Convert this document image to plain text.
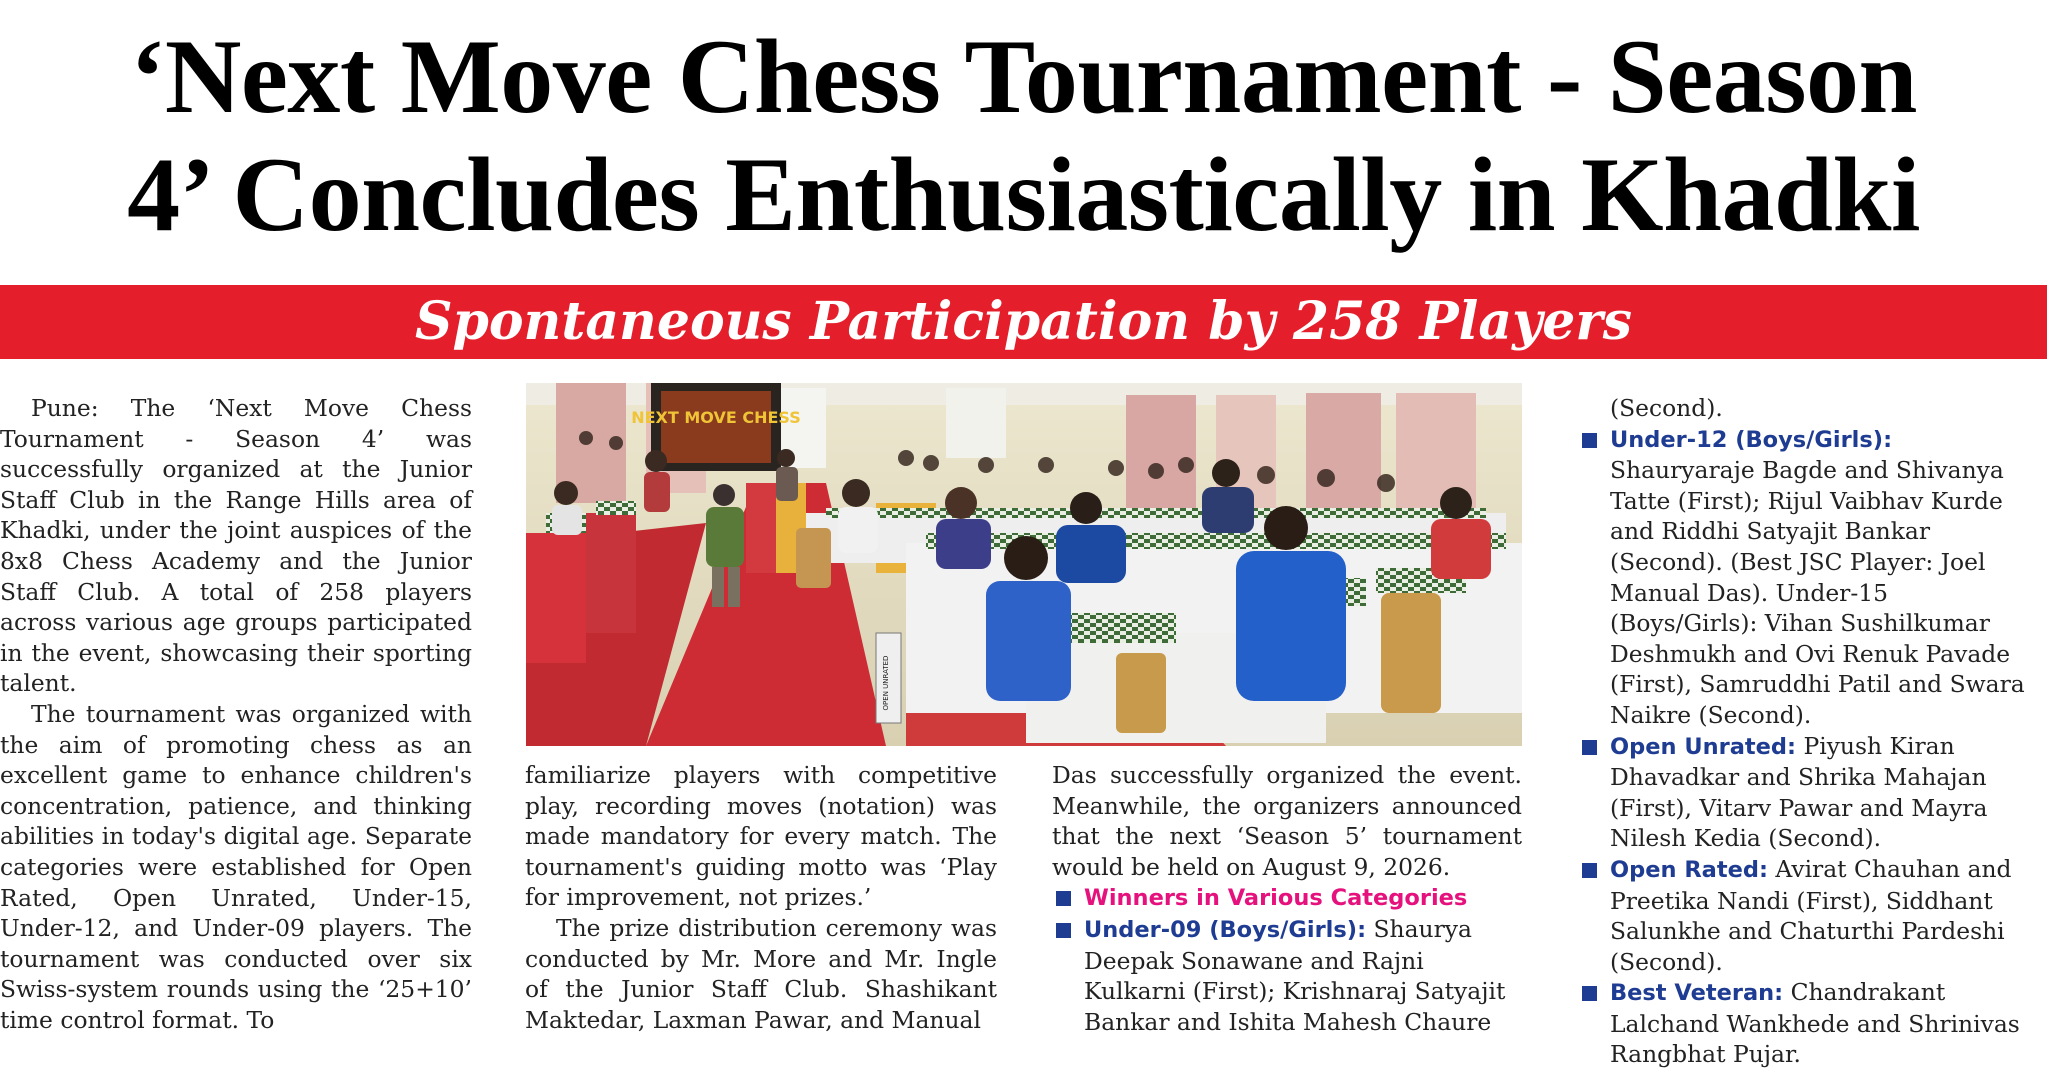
‘Next Move Chess Tournament - Season
4’ Concludes Enthusiastically in Khadki
Spontaneous Participation by 258 Players

Pune: The ‘Next Move Chess Tournament - Season 4’ was successfully organized at the Junior Staff Club in the Range Hills area of Khadki, under the joint auspices of the 8x8 Chess Academy and the Junior Staff Club. A total of 258 players across various age groups participated in the event, showcasing their sporting talent.

The tournament was organized with the aim of promoting chess as an excellent game to enhance children's concentration, patience, and thinking abilities in today's digital age. Separate categories were established for Open Rated, Open Unrated, Under-15, Under-12, and Under-09 players. The tournament was conducted over six Swiss-system rounds using the ‘25+10’ time control format. To

NEXT MOVE CHESS
OPEN UNRATED

familiarize players with competitive play, recording moves (notation) was made mandatory for every match. The tournament's guiding motto was ‘Play for improvement, not prizes.’

The prize distribution ceremony was conducted by Mr. More and Mr. Ingle of the Junior Staff Club. Shashikant Maktedar, Laxman Pawar, and Manual

Das successfully organized the event. Meanwhile, the organizers announced that the next ‘Season 5’ tournament would be held on August 9, 2026.

Winners in Various Categories
Under-09 (Boys/Girls): Shaurya Deepak Sonawane and Rajni Kulkarni (First); Krishnaraj Satyajit Bankar and Ishita Mahesh Chaure
(Second).
Under-12 (Boys/Girls): Shauryaraje Bagde and Shivanya Tatte (First); Rijul Vaibhav Kurde and Riddhi Satyajit Bankar (Second). (Best JSC Player: Joel Manual Das). Under-15 (Boys/Girls): Vihan Sushilkumar Deshmukh and Ovi Renuk Pavade (First), Samruddhi Patil and Swara Naikre (Second).
Open Unrated: Piyush Kiran Dhavadkar and Shrika Mahajan (First), Vitarv Pawar and Mayra Nilesh Kedia (Second).
Open Rated: Avirat Chauhan and Preetika Nandi (First), Siddhant Salunkhe and Chaturthi Pardeshi (Second).
Best Veteran: Chandrakant Lalchand Wankhede and Shrinivas Rangbhat Pujar.
